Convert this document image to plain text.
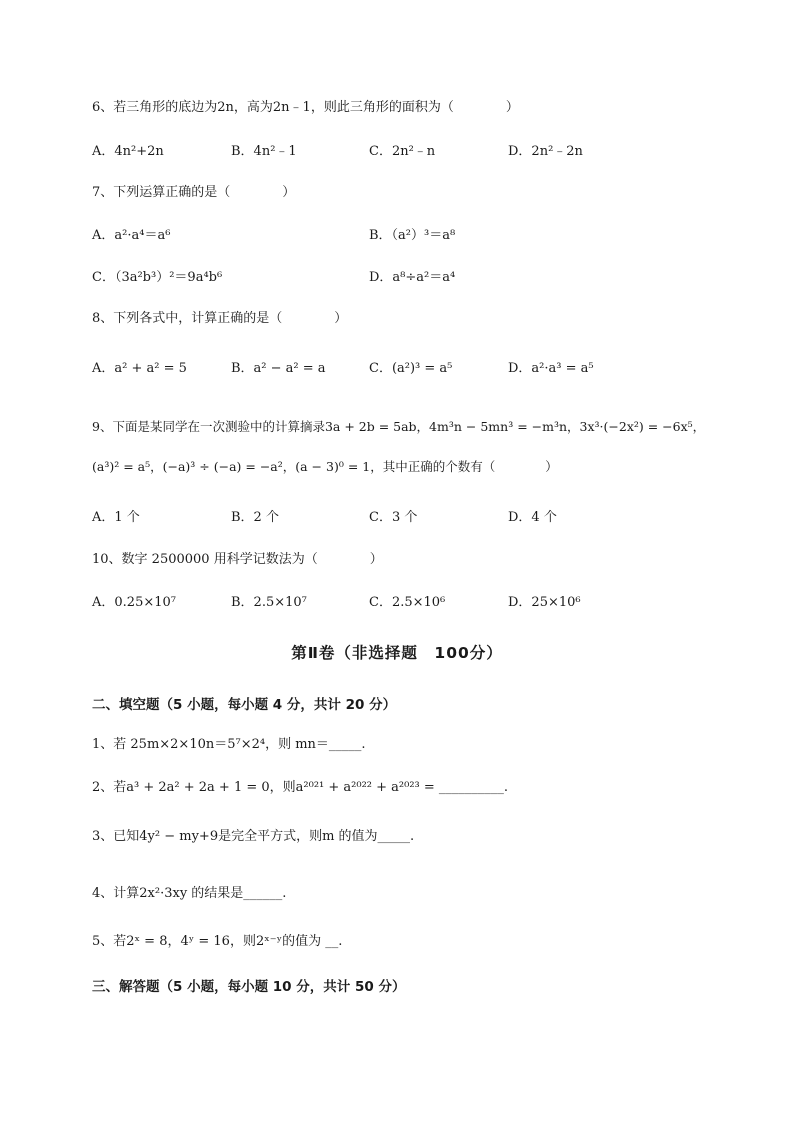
6、若三角形的底边为2n，高为2n﹣1，则此三角形的面积为（　　　　）
A．4n²+2n	B．4n²﹣1	C．2n²﹣n	D．2n²﹣2n
7、下列运算正确的是（　　　　）
A．a²·a⁴＝a⁶	B．（a²）³＝a⁸
C．（3a²b³）²＝9a⁴b⁶	D．a⁸÷a²＝a⁴
8、下列各式中，计算正确的是（　　　　）
A．a² + a² = 5	B．a² − a² = a	C．(a²)³ = a⁵	D．a²·a³ = a⁵
9、下面是某同学在一次测验中的计算摘录3a + 2b = 5ab，4m³n − 5mn³ = −m³n，3x³·(−2x²) = −6x⁵，
(a³)² = a⁵，(−a)³ ÷ (−a) = −a²，(a − 3)⁰ = 1，其中正确的个数有（　　　　）
A．1 个	B．2 个	C．3 个	D．4 个
10、数字 2500000 用科学记数法为（　　　　）
A．0.25×10⁷	B．2.5×10⁷	C．2.5×10⁶	D．25×10⁶
第Ⅱ卷（非选择题　100分）
二、填空题（5 小题，每小题 4 分，共计 20 分）
1、若 25m×2×10n＝5⁷×2⁴，则 mn＝_____.
2、若a³ + 2a² + 2a + 1 = 0，则a²⁰²¹ + a²⁰²² + a²⁰²³ = __________.
3、已知4y² − my+9是完全平方式，则m 的值为_____.
4、计算2x²·3xy 的结果是______.
5、若2ˣ = 8，4ʸ = 16，则2ˣ⁻ʸ的值为 __.
三、解答题（5 小题，每小题 10 分，共计 50 分）
